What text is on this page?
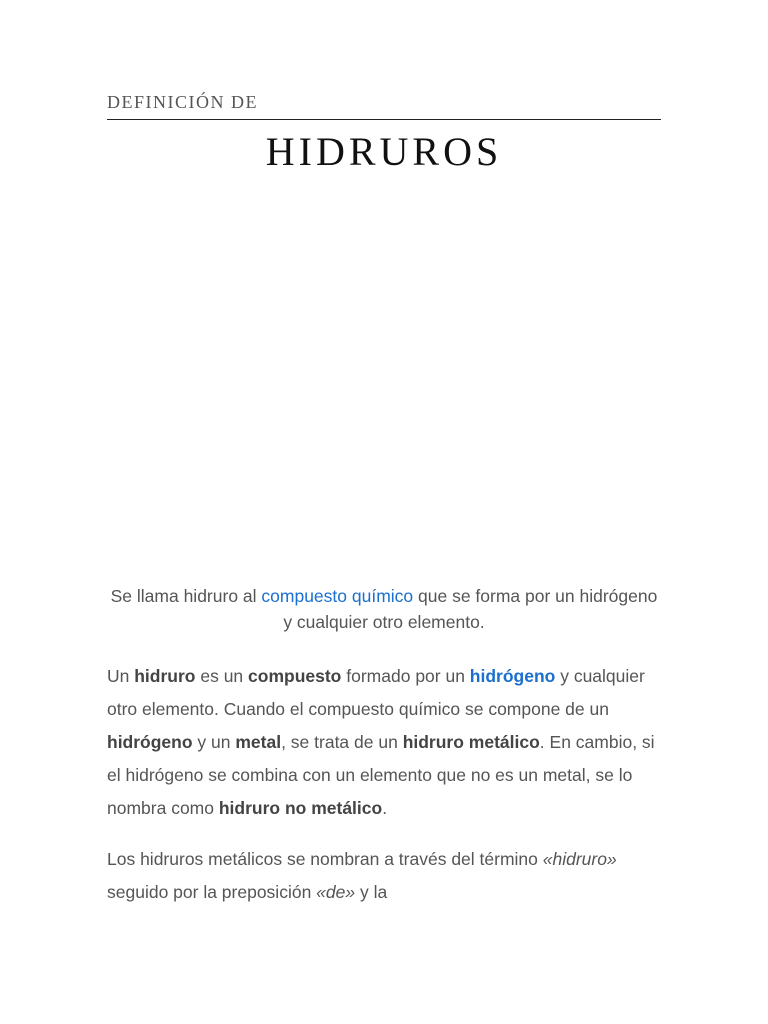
DEFINICIÓN DE
HIDRUROS

Se llama hidruro al compuesto químico que se forma por un hidrógeno y cualquier otro elemento.

Un hidruro es un compuesto formado por un hidrógeno y cualquier otro elemento. Cuando el compuesto químico se compone de un hidrógeno y un metal, se trata de un hidruro metálico. En cambio, si el hidrógeno se combina con un elemento que no es un metal, se lo nombra como hidruro no metálico.

Los hidruros metálicos se nombran a través del término «hidruro» seguido por la preposición «de» y la
